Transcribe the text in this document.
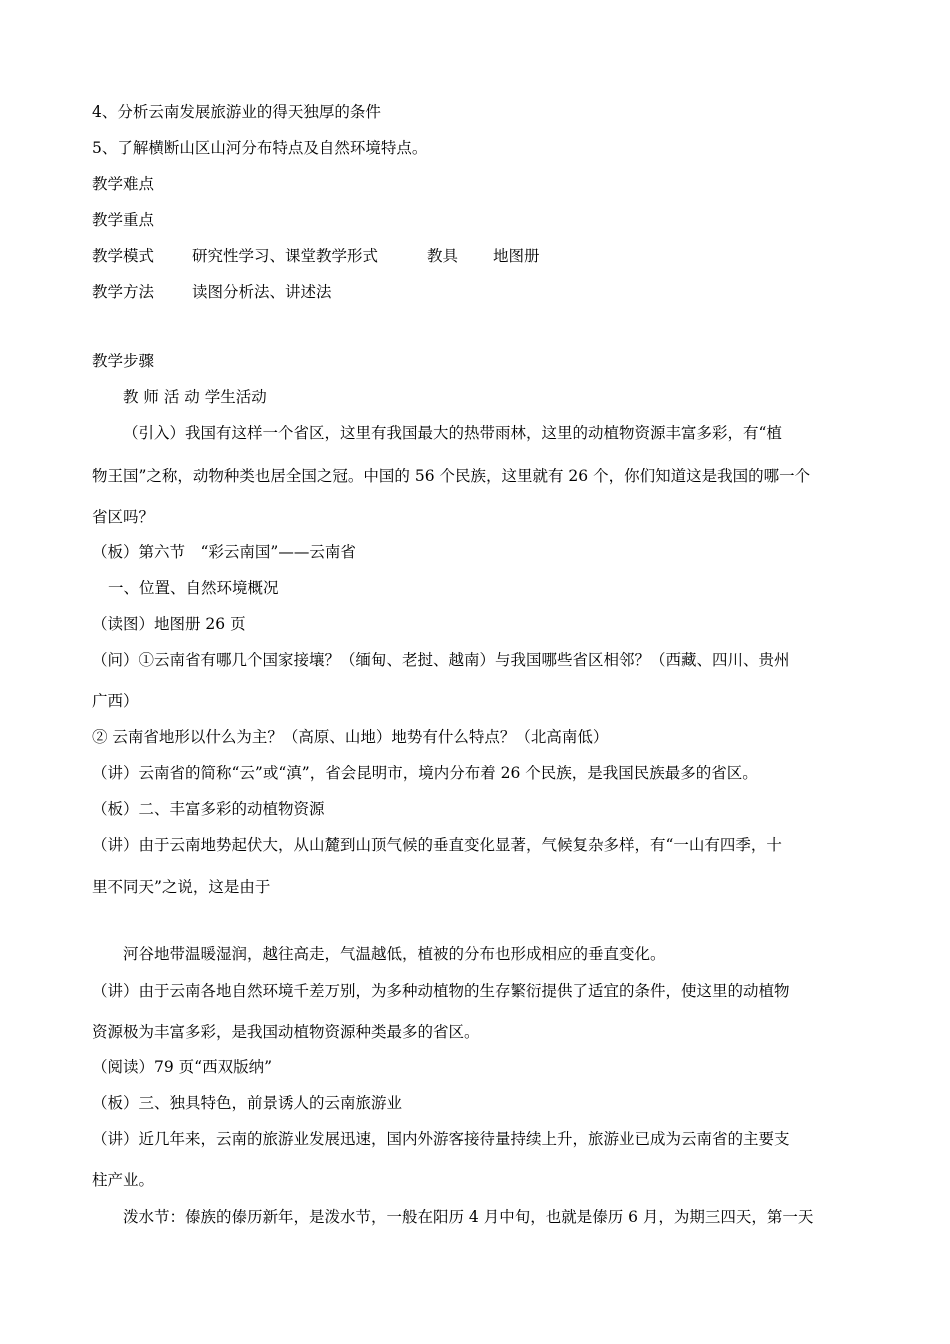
4、分析云南发展旅游业的得天独厚的条件
5、了解横断山区山河分布特点及自然环境特点。
教学难点
教学重点
教学模式 研究性学习、课堂教学形式	教具 地图册
教学方法 读图分析法、讲述法
教学步骤
教 师 活 动 学生活动
（引入）我国有这样一个省区，这里有我国最大的热带雨林，这里的动植物资源丰富多彩，有“植
物王国”之称，动物种类也居全国之冠。中国的 56 个民族，这里就有 26 个，你们知道这是我国的哪一个
省区吗？
（板）第六节　“彩云南国”——云南省
一、位置、自然环境概况
（读图）地图册 26 页
（问）①云南省有哪几个国家接壤？（缅甸、老挝、越南）与我国哪些省区相邻？（西藏、四川、贵州
广西）
② 云南省地形以什么为主？（高原、山地）地势有什么特点？（北高南低）
（讲）云南省的简称“云”或“滇”，省会昆明市，境内分布着 26 个民族，是我国民族最多的省区。
（板）二、丰富多彩的动植物资源
（讲）由于云南地势起伏大，从山麓到山顶气候的垂直变化显著，气候复杂多样，有“一山有四季，十
里不同天”之说，这是由于
河谷地带温暖湿润，越往高走，气温越低，植被的分布也形成相应的垂直变化。
（讲）由于云南各地自然环境千差万别，为多种动植物的生存繁衍提供了适宜的条件，使这里的动植物
资源极为丰富多彩，是我国动植物资源种类最多的省区。
（阅读）79 页“西双版纳”
（板）三、独具特色，前景诱人的云南旅游业
（讲）近几年来，云南的旅游业发展迅速，国内外游客接待量持续上升，旅游业已成为云南省的主要支
柱产业。
泼水节：傣族的傣历新年，是泼水节，一般在阳历 4 月中旬，也就是傣历 6 月，为期三四天，第一天
